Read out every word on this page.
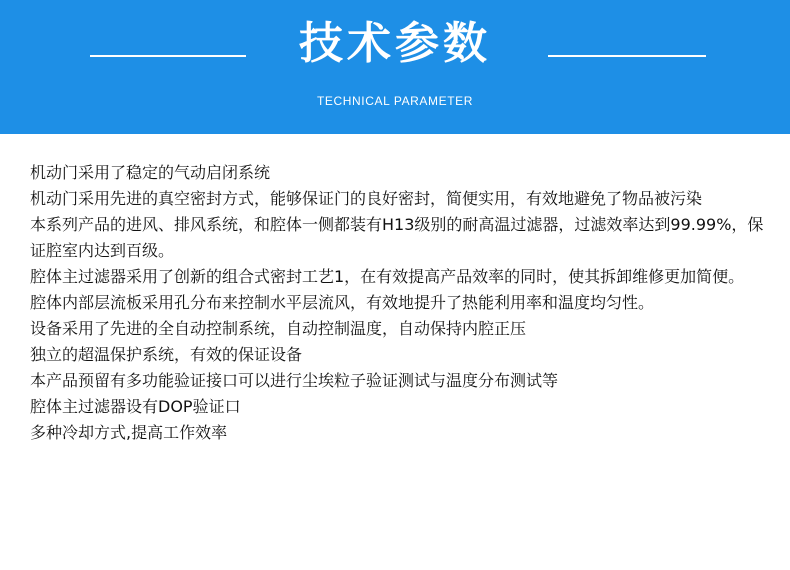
技术参数
TECHNICAL PARAMETER
机动门采用了稳定的气动启闭系统
机动门采用先进的真空密封方式，能够保证门的良好密封，简便实用，有效地避免了物品被污染
本系列产品的进风、排风系统，和腔体一侧都装有H13级别的耐高温过滤器，过滤效率达到99.99%，保证腔室内达到百级。
腔体主过滤器采用了创新的组合式密封工艺1，在有效提高产品效率的同时，使其拆卸维修更加简便。
腔体内部层流板采用孔分布来控制水平层流风，有效地提升了热能利用率和温度均匀性。
设备采用了先进的全自动控制系统，自动控制温度，自动保持内腔正压
独立的超温保护系统，有效的保证设备
本产品预留有多功能验证接口可以进行尘埃粒子验证测试与温度分布测试等
腔体主过滤器设有DOP验证口
多种冷却方式,提高工作效率
